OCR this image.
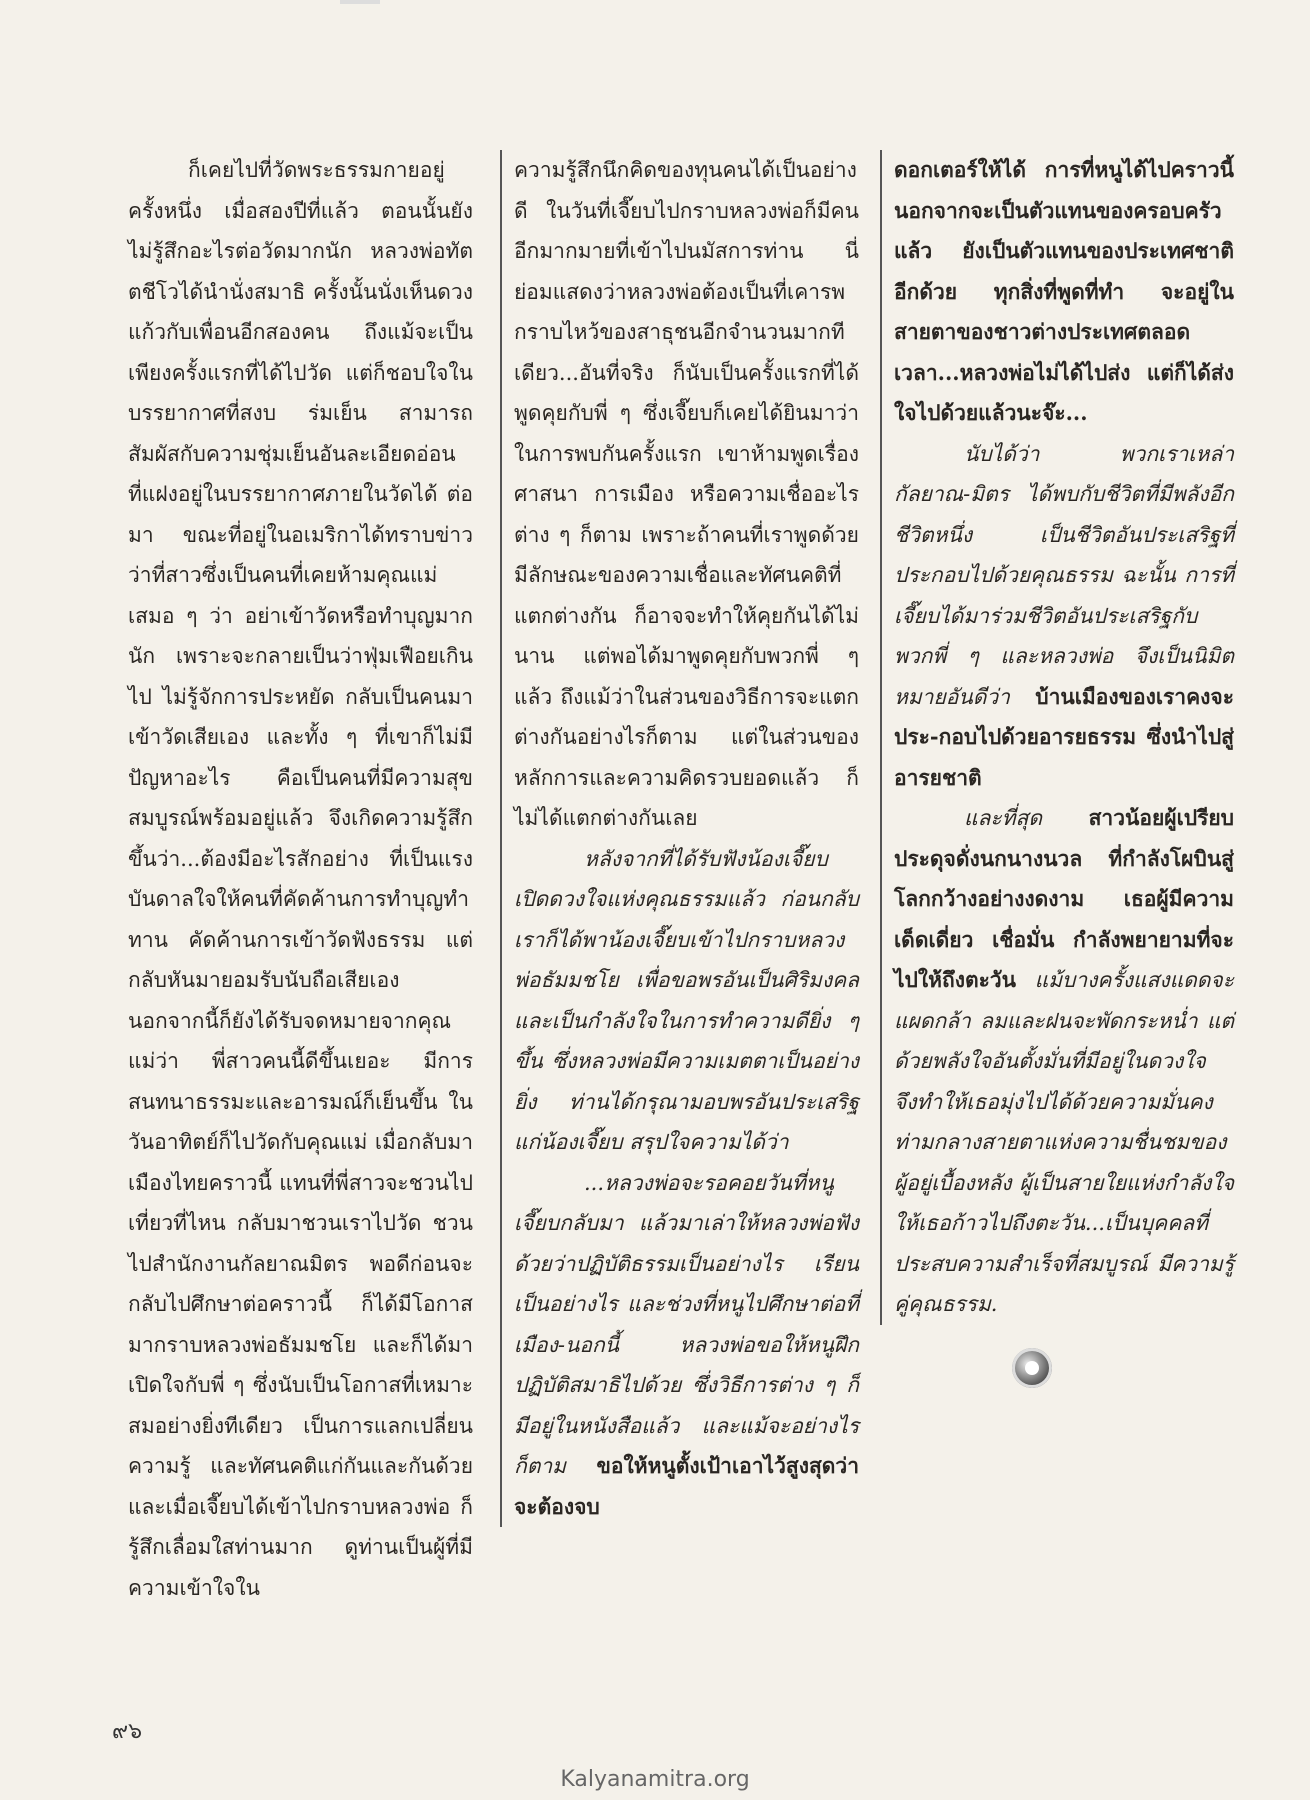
ก็เคยไปที่วัดพระธรรมกายอยู่ครั้งหนึ่ง เมื่อสองปีที่แล้ว ตอนนั้นยังไม่รู้สึกอะไรต่อวัดมากนัก หลวงพ่อทัตตชีโวได้นำนั่งสมาธิ ครั้งนั้นนั่งเห็นดวงแก้วกับเพื่อนอีกสองคน ถึงแม้จะเป็นเพียงครั้งแรกที่ได้ไปวัด แต่ก็ชอบใจในบรรยากาศที่สงบ ร่มเย็น สามารถสัมผัสกับความชุ่มเย็นอันละเอียดอ่อน ที่แฝงอยู่ในบรรยากาศภายในวัดได้ ต่อมา ขณะที่อยู่ในอเมริกาได้ทราบข่าวว่าที่สาวซึ่งเป็นคนที่เคยห้ามคุณแม่เสมอ ๆ ว่า อย่าเข้าวัดหรือทำบุญมากนัก เพราะจะกลายเป็นว่าฟุ่มเฟือยเกินไป ไม่รู้จักการประหยัด กลับเป็นคนมาเข้าวัดเสียเอง และทั้ง ๆ ที่เขาก็ไม่มีปัญหาอะไร คือเป็นคนที่มีความสุขสมบูรณ์พร้อมอยู่แล้ว จึงเกิดความรู้สึกขึ้นว่า...ต้องมีอะไรสักอย่าง ที่เป็นแรงบันดาลใจให้คนที่คัดค้านการทำบุญทำทาน คัดค้านการเข้าวัดฟังธรรม แต่กลับหันมายอมรับนับถือเสียเอง นอกจากนี้ก็ยังได้รับจดหมายจากคุณแม่ว่า พี่สาวคนนี้ดีขึ้นเยอะ มีการสนทนาธรรมะและอารมณ์ก็เย็นขึ้น ในวันอาทิตย์ก็ไปวัดกับคุณแม่ เมื่อกลับมาเมืองไทยคราวนี้ แทนที่พี่สาวจะชวนไปเที่ยวที่ไหน กลับมาชวนเราไปวัด ชวนไปสำนักงานกัลยาณมิตร พอดีก่อนจะกลับไปศึกษาต่อคราวนี้ ก็ได้มีโอกาสมากราบหลวงพ่อธัมมชโย และก็ได้มาเปิดใจกับพี่ ๆ ซึ่งนับเป็นโอกาสที่เหมาะสมอย่างยิ่งทีเดียว เป็นการแลกเปลี่ยนความรู้ และทัศนคติแก่กันและกันด้วย และเมื่อเจี๊ยบได้เข้าไปกราบหลวงพ่อ ก็รู้สึกเลื่อมใสท่านมาก ดูท่านเป็นผู้ที่มีความเข้าใจใน

ความรู้สึกนึกคิดของทุนคนได้เป็นอย่างดี ในวันที่เจี๊ยบไปกราบหลวงพ่อก็มีคนอีกมากมายที่เข้าไปนมัสการท่าน นี่ย่อมแสดงว่าหลวงพ่อต้องเป็นที่เคารพกราบไหว้ของสาธุชนอีกจำนวนมากทีเดียว...อันที่จริง ก็นับเป็นครั้งแรกที่ได้พูดคุยกับพี่ ๆ ซึ่งเจี๊ยบก็เคยได้ยินมาว่า ในการพบกันครั้งแรก เขาห้ามพูดเรื่องศาสนา การเมือง หรือความเชื่ออะไรต่าง ๆ ก็ตาม เพราะถ้าคนที่เราพูดด้วย มีลักษณะของความเชื่อและทัศนคติที่แตกต่างกัน ก็อาจจะทำให้คุยกันได้ไม่นาน แต่พอได้มาพูดคุยกับพวกพี่ ๆ แล้ว ถึงแม้ว่าในส่วนของวิธีการจะแตกต่างกันอย่างไรก็ตาม แต่ในส่วนของหลักการและความคิดรวบยอดแล้ว ก็ไม่ได้แตกต่างกันเลย

หลังจากที่ได้รับฟังน้องเจี๊ยบเปิดดวงใจแห่งคุณธรรมแล้ว ก่อนกลับ เราก็ได้พาน้องเจี๊ยบเข้าไปกราบหลวงพ่อธัมมชโย เพื่อขอพรอันเป็นศิริมงคล และเป็นกำลังใจในการทำความดียิ่ง ๆ ขึ้น ซึ่งหลวงพ่อมีความเมตตาเป็นอย่างยิ่ง ท่านได้กรุณามอบพรอันประเสริฐแก่น้องเจี๊ยบ สรุปใจความได้ว่า

...หลวงพ่อจะรอคอยวันที่หนูเจี๊ยบกลับมา แล้วมาเล่าให้หลวงพ่อฟังด้วยว่าปฏิบัติธรรมเป็นอย่างไร เรียนเป็นอย่างไร และช่วงที่หนูไปศึกษาต่อที่เมือง-นอกนี้ หลวงพ่อขอให้หนูฝึกปฏิบัติสมาธิไปด้วย ซึ่งวิธีการต่าง ๆ ก็มีอยู่ในหนังสือแล้ว และแม้จะอย่างไรก็ตาม ขอให้หนูตั้งเป้าเอาไว้สูงสุดว่า จะต้องจบ

ดอกเตอร์ให้ได้ การที่หนูได้ไปคราวนี้ นอกจากจะเป็นตัวแทนของครอบครัวแล้ว ยังเป็นตัวแทนของประเทศชาติอีกด้วย ทุกสิ่งที่พูดที่ทำ จะอยู่ในสายตาของชาวต่างประเทศตลอดเวลา...หลวงพ่อไม่ได้ไปส่ง แต่ก็ได้ส่งใจไปด้วยแล้วนะจ๊ะ...

นับได้ว่า พวกเราเหล่ากัลยาณ-มิตร ได้พบกับชีวิตที่มีพลังอีกชีวิตหนึ่ง เป็นชีวิตอันประเสริฐที่ประกอบไปด้วยคุณธรรม ฉะนั้น การที่เจี๊ยบได้มาร่วมชีวิตอันประเสริฐกับพวกพี่ ๆ และหลวงพ่อ จึงเป็นนิมิตหมายอันดีว่า บ้านเมืองของเราคงจะประ-กอบไปด้วยอารยธรรม ซึ่งนำไปสู่อารยชาติ

และที่สุด สาวน้อยผู้เปรียบประดุจดั่งนกนางนวล ที่กำลังโผบินสู่โลกกว้างอย่างงดงาม เธอผู้มีความเด็ดเดี่ยว เชื่อมั่น กำลังพยายามที่จะไปให้ถึงตะวัน แม้บางครั้งแสงแดดจะแผดกล้า ลมและฝนจะพัดกระหน่ำ แต่ด้วยพลังใจอันตั้งมั่นที่มีอยู่ในดวงใจ จึงทำให้เธอมุ่งไปได้ด้วยความมั่นคง ท่ามกลางสายตาแห่งความชื่นชมของผู้อยู่เบื้องหลัง ผู้เป็นสายใยแห่งกำลังใจ ให้เธอก้าวไปถึงตะวัน...เป็นบุคคลที่ประสบความสำเร็จที่สมบูรณ์ มีความรู้คู่คุณธรรม.

๙๖
Kalyanamitra.org
